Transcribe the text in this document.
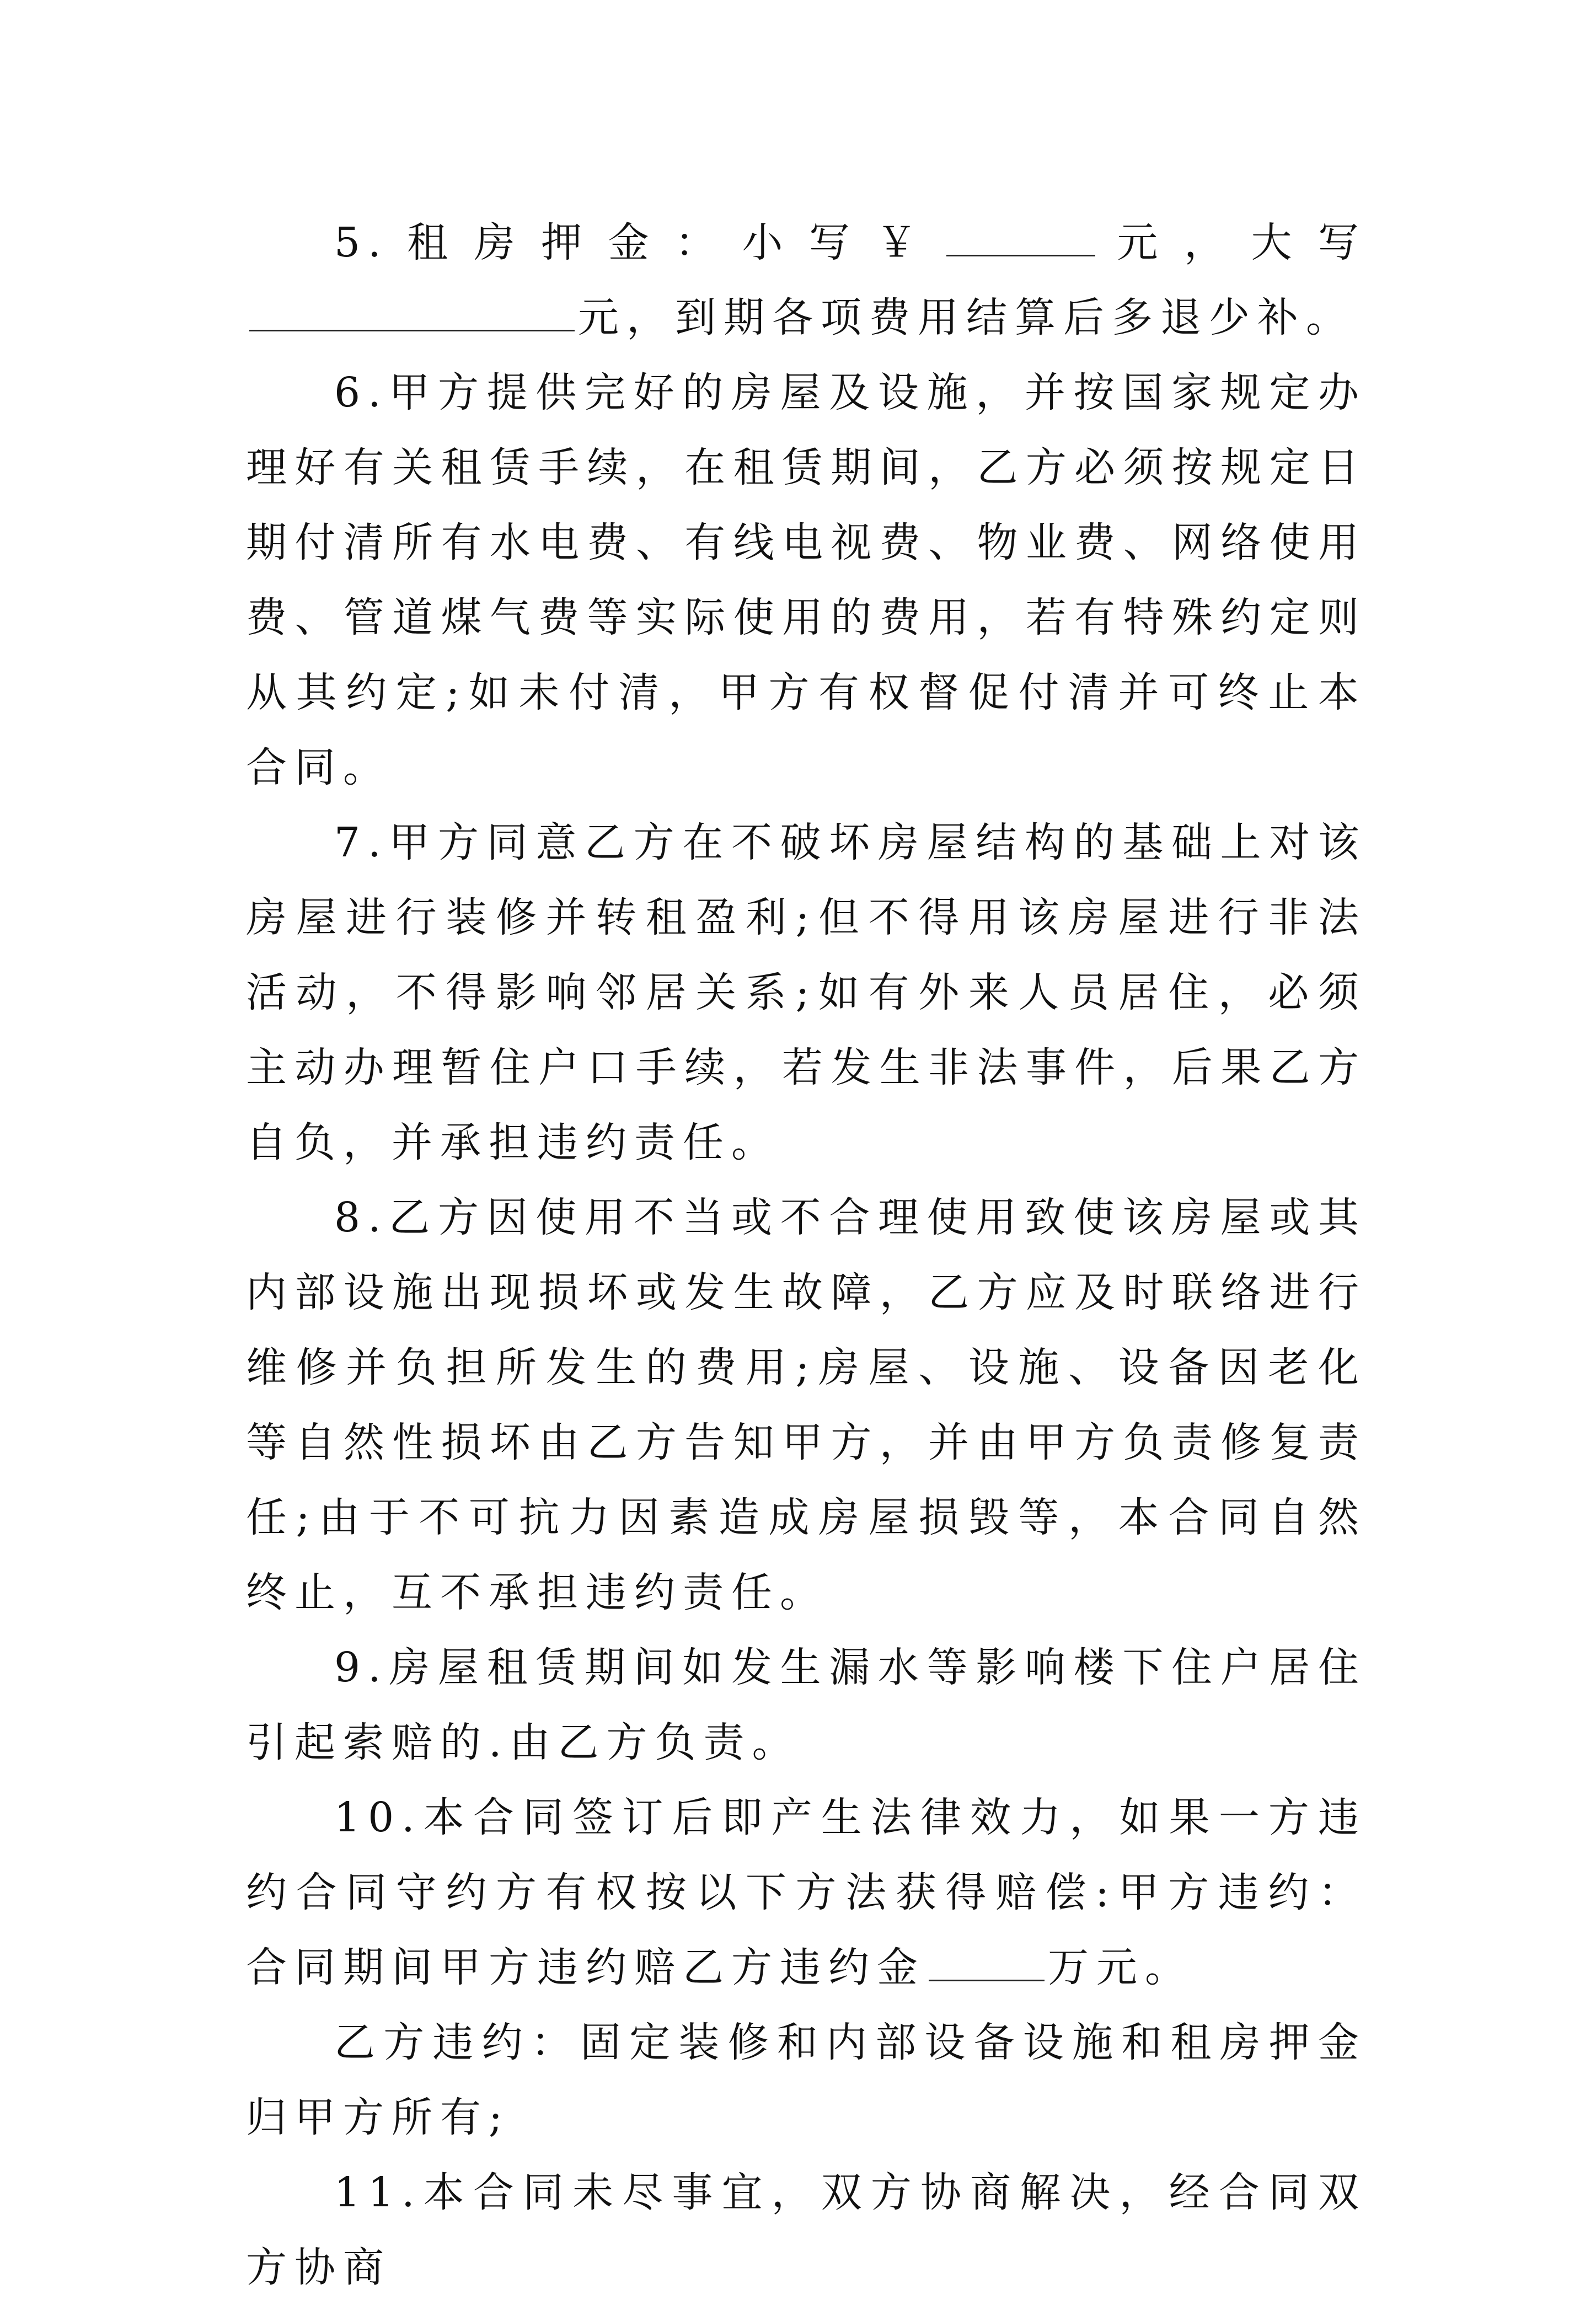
5.租房押金：小写￥	元，大写元，到期各项费用结算后多退少补。

6.甲方提供完好的房屋及设施，并按国家规定办理好有关租赁手续，在租赁期间，乙方必须按规定日期付清所有水电费、有线电视费、物业费、网络使用费、管道煤气费等实际使用的费用，若有特殊约定则从其约定;如未付清，甲方有权督促付清并可终止本合同。

7.甲方同意乙方在不破坏房屋结构的基础上对该房屋进行装修并转租盈利;但不得用该房屋进行非法活动，不得影响邻居关系;如有外来人员居住，必须主动办理暂住户口手续，若发生非法事件，后果乙方自负，并承担违约责任。

8.乙方因使用不当或不合理使用致使该房屋或其内部设施出现损坏或发生故障，乙方应及时联络进行维修并负担所发生的费用;房屋、设施、设备因老化等自然性损坏由乙方告知甲方，并由甲方负责修复责任;由于不可抗力因素造成房屋损毁等，本合同自然终止，互不承担违约责任。

9.房屋租赁期间如发生漏水等影响楼下住户居住引起索赔的.由乙方负责。

10.本合同签订后即产生法律效力，如果一方违约合同守约方有权按以下方法获得赔偿:甲方违约：合同期间甲方违约赔乙方违约金	万元。

乙方违约：固定装修和内部设备设施和租房押金归甲方所有;

11.本合同未尽事宜，双方协商解决，经合同双方协商
